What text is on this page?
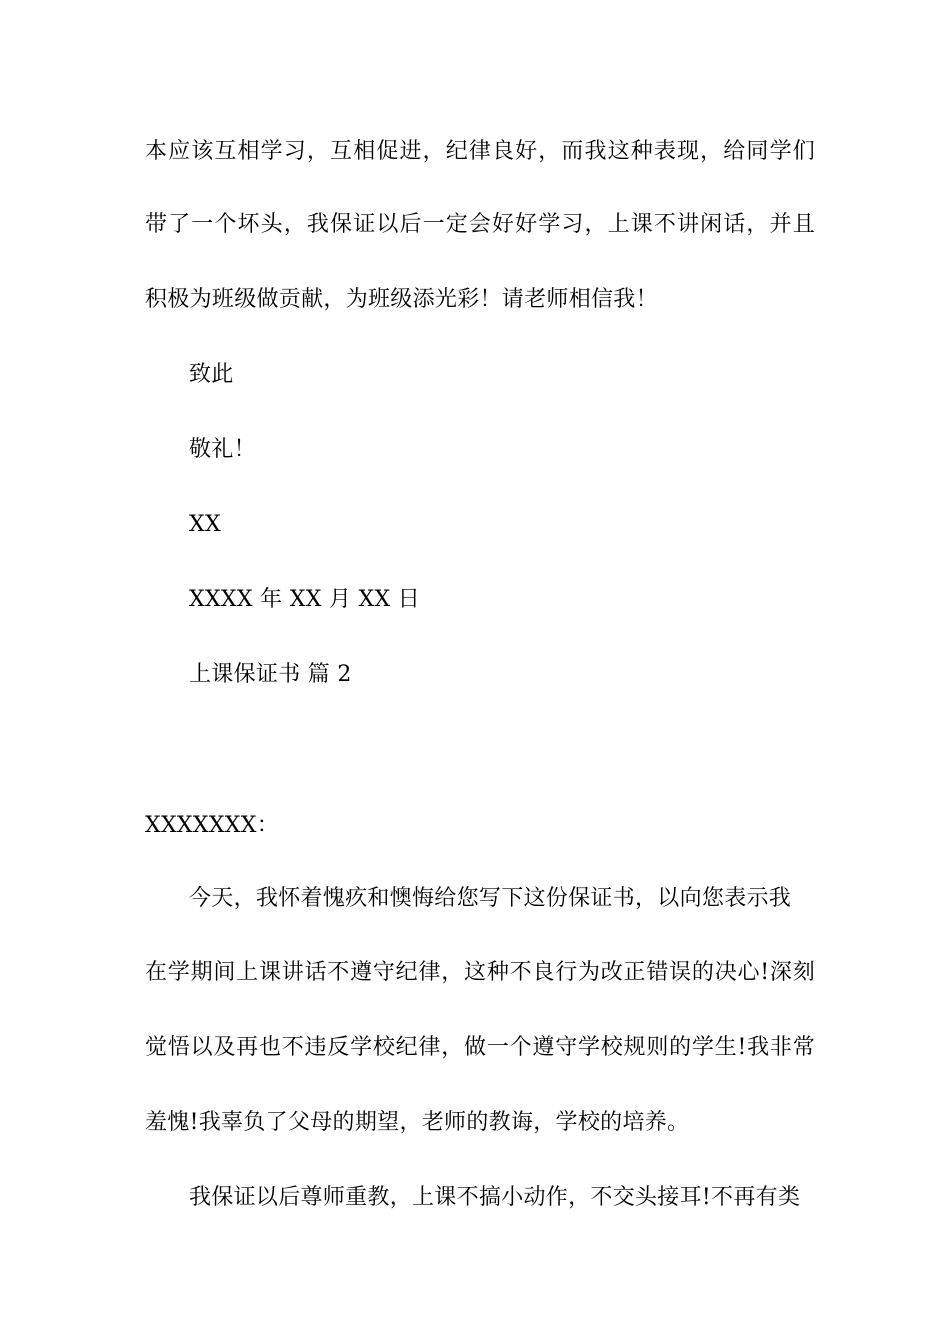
本应该互相学习，互相促进，纪律良好，而我这种表现，给同学们
带了一个坏头，我保证以后一定会好好学习，上课不讲闲话，并且
积极为班级做贡献，为班级添光彩！请老师相信我！
致此
敬礼！
XX
XXXX 年 XX 月 XX 日
上课保证书 篇 2
XXXXXXX：
今天，我怀着愧疚和懊悔给您写下这份保证书，以向您表示我
在学期间上课讲话不遵守纪律，这种不良行为改正错误的决心!深刻
觉悟以及再也不违反学校纪律，做一个遵守学校规则的学生!我非常
羞愧!我辜负了父母的期望，老师的教诲，学校的培养。
我保证以后尊师重教，上课不搞小动作，不交头接耳!不再有类
